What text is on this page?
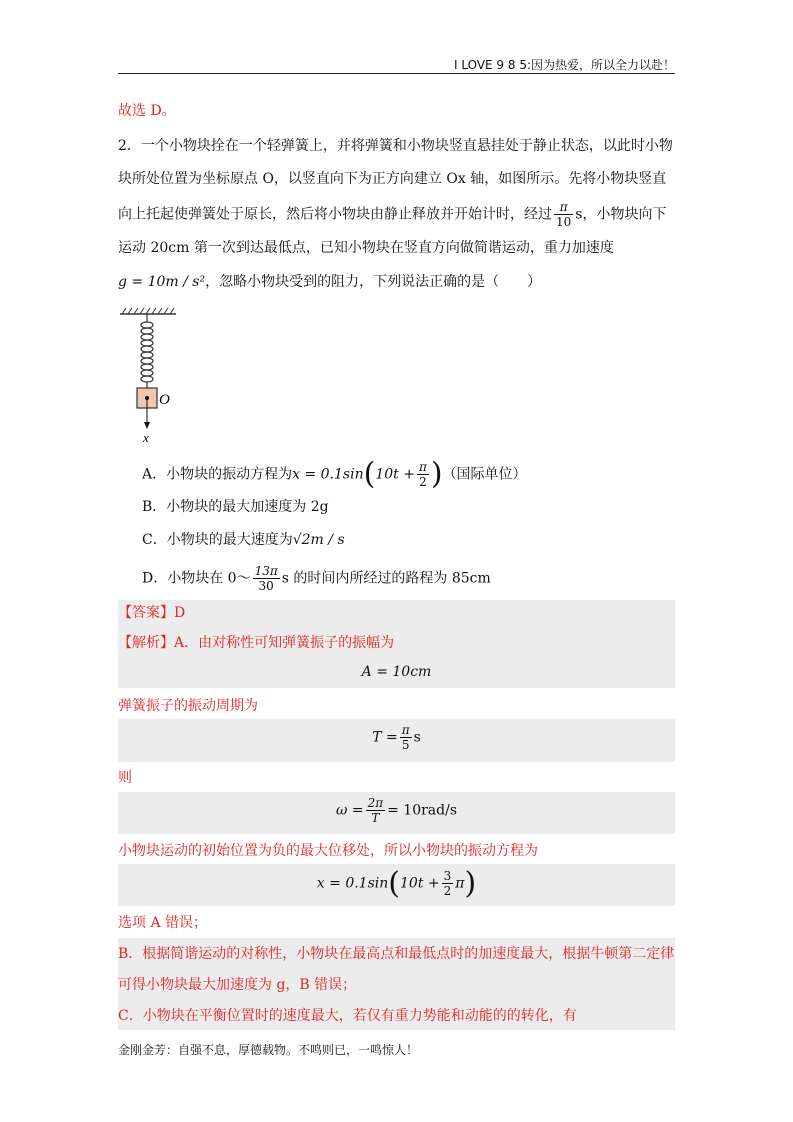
I LOVE 9 8 5:因为热爱，所以全力以赴！
故选 D。
2．一个小物块拴在一个轻弹簧上，并将弹簧和小物块竖直悬挂处于静止状态，以此时小物
块所处位置为坐标原点 O，以竖直向下为正方向建立 Ox 轴，如图所示。先将小物块竖直
向上托起使弹簧处于原长，然后将小物块由静止释放并开始计时，经过 $\frac{\pi}{10}$ s，小物块向下
运动 20cm 第一次到达最低点，已知小物块在竖直方向做简谐运动，重力加速度
g = 10m / s²，忽略小物块受到的阻力，下列说法正确的是（　　）
O
x
A．小物块的振动方程为$x = 0.1\sin(10t + \frac{\pi}{2}$ )（国际单位）
B．小物块的最大加速度为 2g
C．小物块的最大速度为√2m / s
D．小物块在 0～ $\frac{13\pi}{30}$ s 的时间内所经过的路程为 85cm
【答案】D
【解析】A．由对称性可知弹簧振子的振幅为
A = 10cm
弹簧振子的振动周期为
$T = \frac{\pi}{5}$ s
则
$\omega = \frac{2\pi}{T} = 10rad/s$
小物块运动的初始位置为负的最大位移处，所以小物块的振动方程为
$x = 0.1\sin(10t + \frac{3}{2} \pi)$
选项 A 错误；
B．根据简谐运动的对称性，小物块在最高点和最低点时的加速度最大，根据牛顿第二定律
可得小物块最大加速度为 g，B 错误；
C．小物块在平衡位置时的速度最大，若仅有重力势能和动能的的转化，有
金刚金芳：自强不息，厚德载物。不鸣则已，一鸣惊人！
